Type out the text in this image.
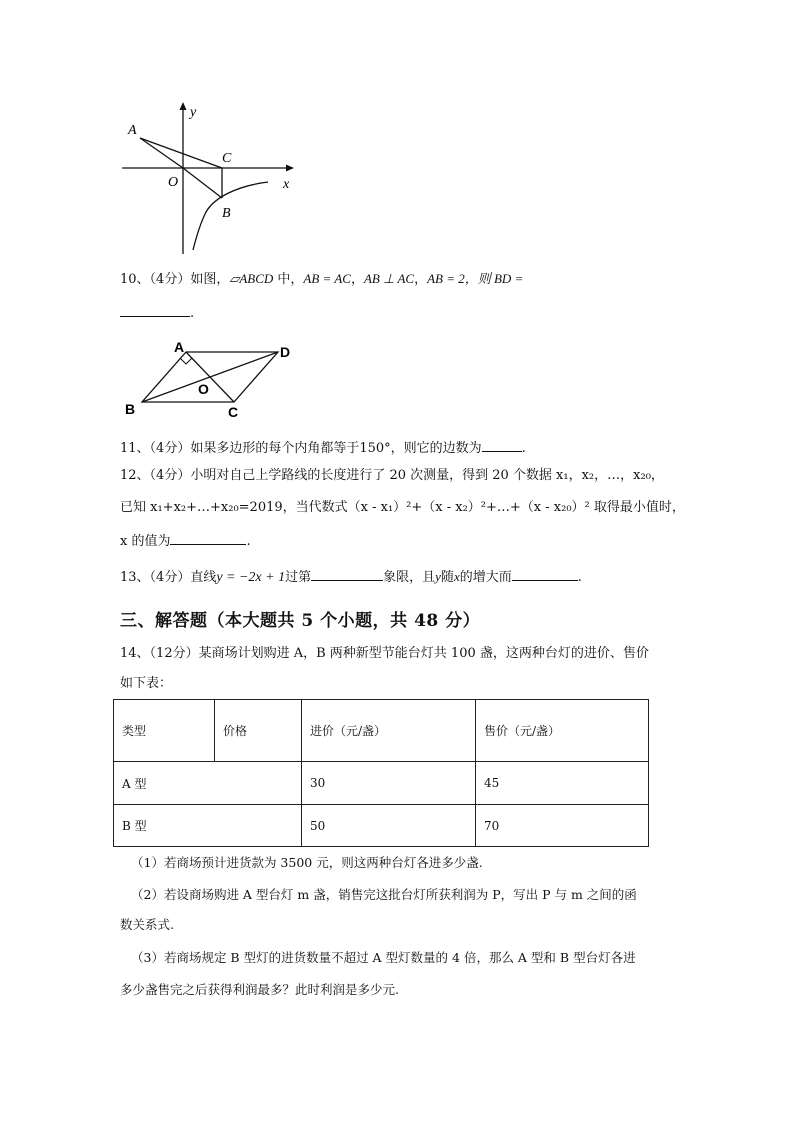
A
C
O
B
x
y
10、（4分）如图，▱ABCD 中，AB = AC，AB ⊥ AC，AB = 2，则 BD =
.
A	D
O
B	C
11、（4分）如果多边形的每个内角都等于150°，则它的边数为	.
12、（4分）小明对自己上学路线的长度进行了 20 次测量，得到 20 个数据 x₁，x₂，…，x₂₀，
已知 x₁+x₂+…+x₂₀=2019，当代数式（x - x₁）²+（x - x₂）²+…+（x - x₂₀）² 取得最小值时，
x 的值为	.
13、（4分）直线y = −2x + 1过第	象限，且y随x的增大而	.
三、解答题（本大题共 5 个小题，共 48 分）
14、（12分）某商场计划购进 A，B 两种新型节能台灯共 100 盏，这两种台灯的进价、售价
如下表：
类型	价格	进价（元/盏）	售价（元/盏）
A 型		30	45
B 型		50	70
（1）若商场预计进货款为 3500 元，则这两种台灯各进多少盏.
（2）若设商场购进 A 型台灯 m 盏，销售完这批台灯所获利润为 P，写出 P 与 m 之间的函
数关系式.
（3）若商场规定 B 型灯的进货数量不超过 A 型灯数量的 4 倍，那么 A 型和 B 型台灯各进
多少盏售完之后获得利润最多？此时利润是多少元.
